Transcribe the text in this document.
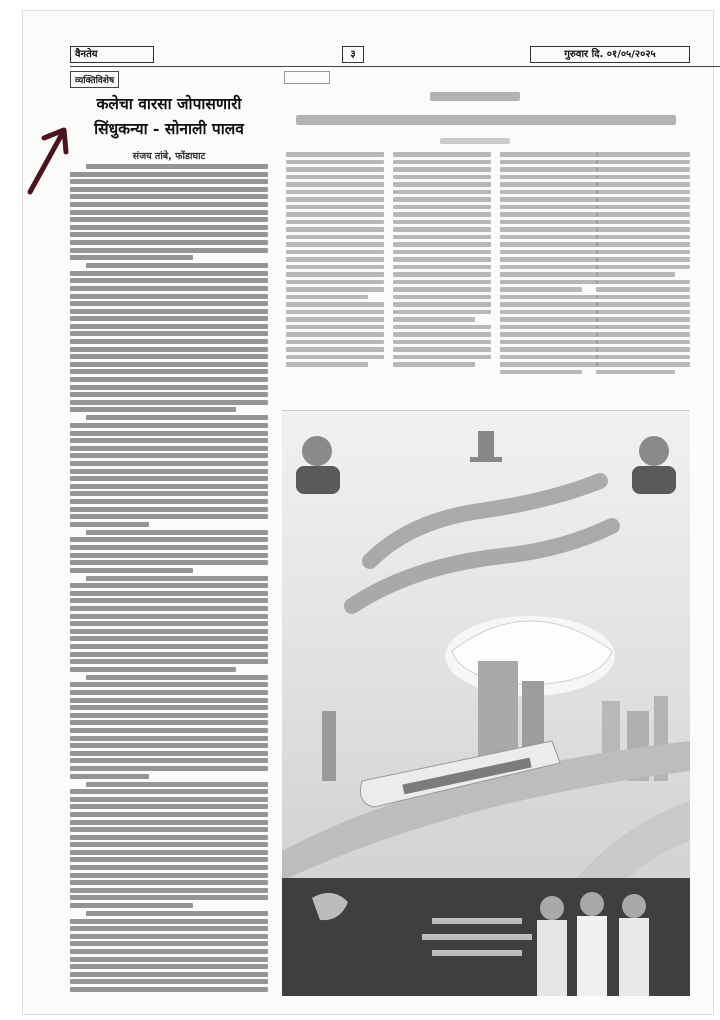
वैनतेय	३	गुरुवार दि. ०१/०५/२०२५
व्यक्तिविशेष
कलेचा वारसा जोपासणारी
सिंधुकन्या - सोनाली पालव
संजय तांबे, फोंडाघाट
